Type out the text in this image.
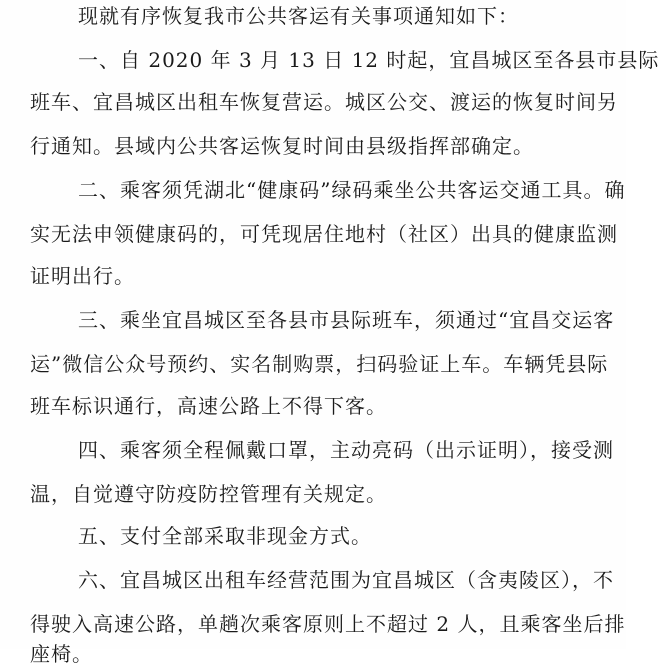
现就有序恢复我市公共客运有关事项通知如下：
一、自 2020 年 3 月 13 日 12 时起，宜昌城区至各县市县际
班车、宜昌城区出租车恢复营运。城区公交、渡运的恢复时间另
行通知。县域内公共客运恢复时间由县级指挥部确定。
二、乘客须凭湖北“健康码”绿码乘坐公共客运交通工具。确
实无法申领健康码的，可凭现居住地村（社区）出具的健康监测
证明出行。
三、乘坐宜昌城区至各县市县际班车，须通过“宜昌交运客
运”微信公众号预约、实名制购票，扫码验证上车。车辆凭县际
班车标识通行，高速公路上不得下客。
四、乘客须全程佩戴口罩，主动亮码（出示证明），接受测
温，自觉遵守防疫防控管理有关规定。
五、支付全部采取非现金方式。
六、宜昌城区出租车经营范围为宜昌城区（含夷陵区），不
得驶入高速公路，单趟次乘客原则上不超过 2 人，且乘客坐后排
座椅。
